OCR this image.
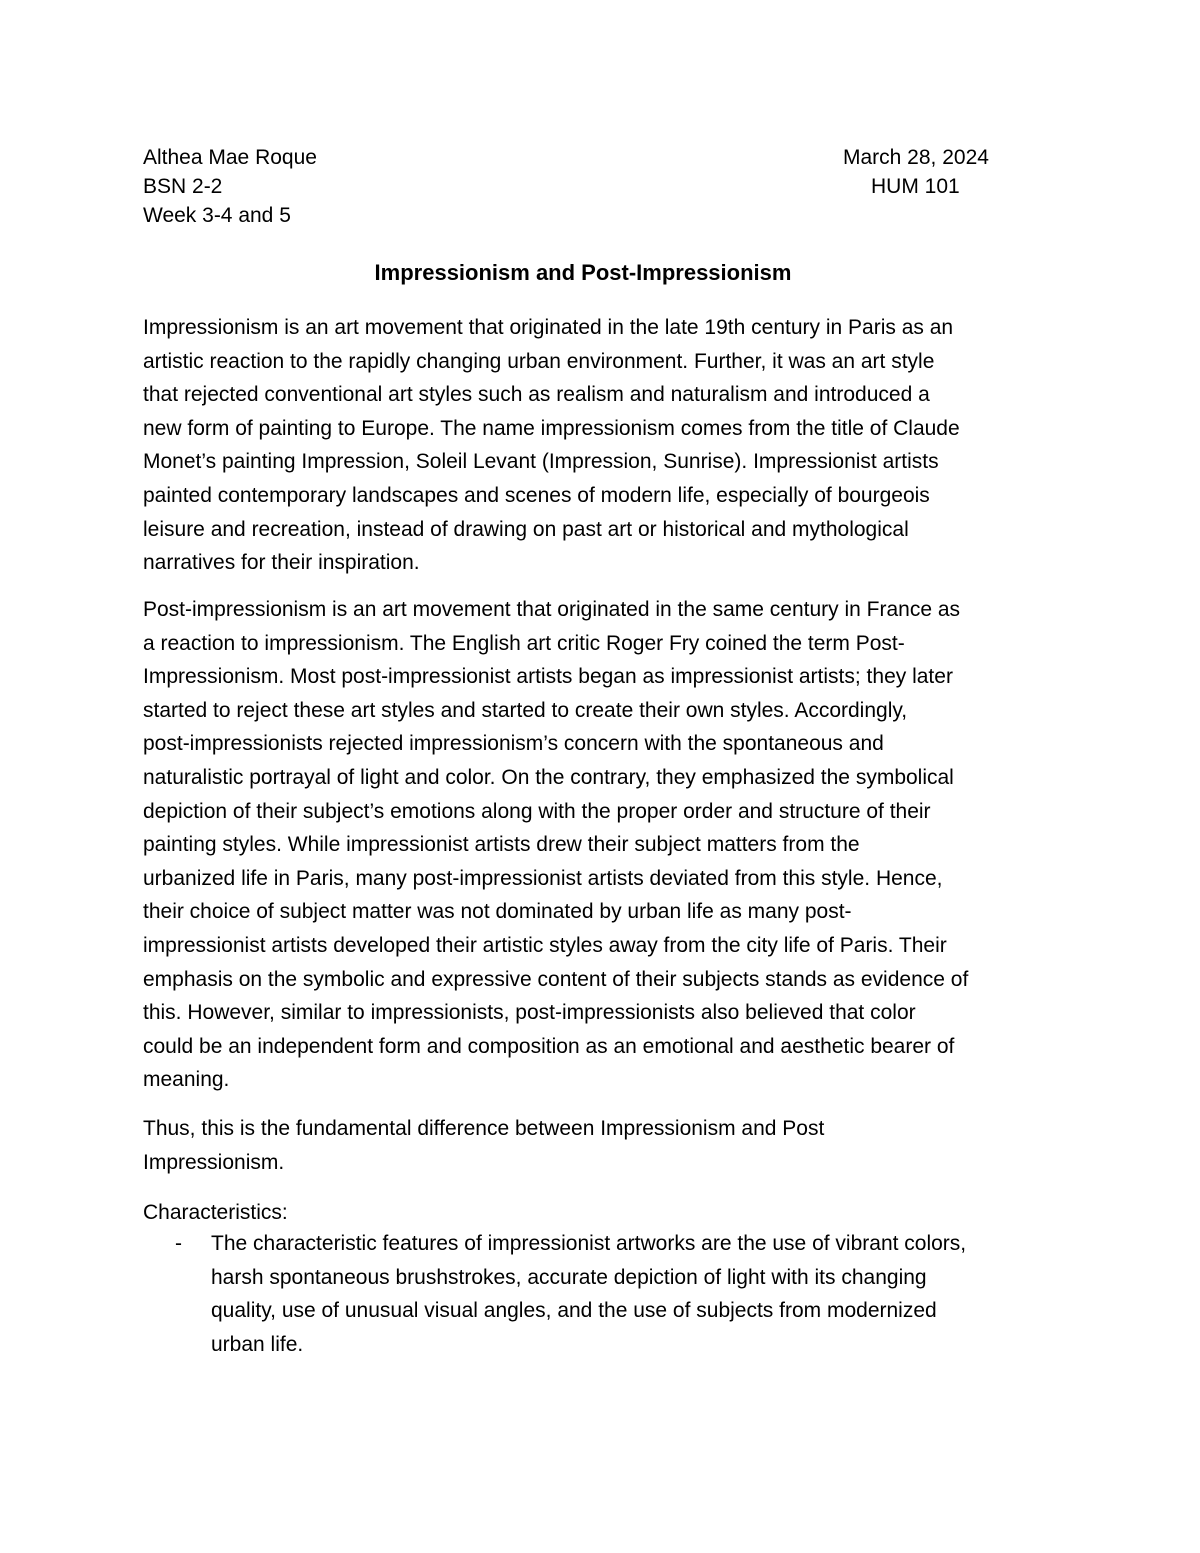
Althea Mae Roque	March 28, 2024
BSN 2-2	HUM 101
Week 3-4 and 5
Impressionism and Post-Impressionism

Impressionism is an art movement that originated in the late 19th century in Paris as an
artistic reaction to the rapidly changing urban environment. Further, it was an art style
that rejected conventional art styles such as realism and naturalism and introduced a
new form of painting to Europe. The name impressionism comes from the title of Claude
Monet’s painting Impression, Soleil Levant (Impression, Sunrise). Impressionist artists
painted contemporary landscapes and scenes of modern life, especially of bourgeois
leisure and recreation, instead of drawing on past art or historical and mythological
narratives for their inspiration.

Post-impressionism is an art movement that originated in the same century in France as
a reaction to impressionism. The English art critic Roger Fry coined the term Post-
Impressionism. Most post-impressionist artists began as impressionist artists; they later
started to reject these art styles and started to create their own styles. Accordingly,
post-impressionists rejected impressionism’s concern with the spontaneous and
naturalistic portrayal of light and color. On the contrary, they emphasized the symbolical
depiction of their subject’s emotions along with the proper order and structure of their
painting styles. While impressionist artists drew their subject matters from the
urbanized life in Paris, many post-impressionist artists deviated from this style. Hence,
their choice of subject matter was not dominated by urban life as many post-
impressionist artists developed their artistic styles away from the city life of Paris. Their
emphasis on the symbolic and expressive content of their subjects stands as evidence of
this. However, similar to impressionists, post-impressionists also believed that color
could be an independent form and composition as an emotional and aesthetic bearer of
meaning.

Thus, this is the fundamental difference between Impressionism and Post
Impressionism.

Characteristics:
- The characteristic features of impressionist artworks are the use of vibrant colors,
harsh spontaneous brushstrokes, accurate depiction of light with its changing
quality, use of unusual visual angles, and the use of subjects from modernized
urban life.
